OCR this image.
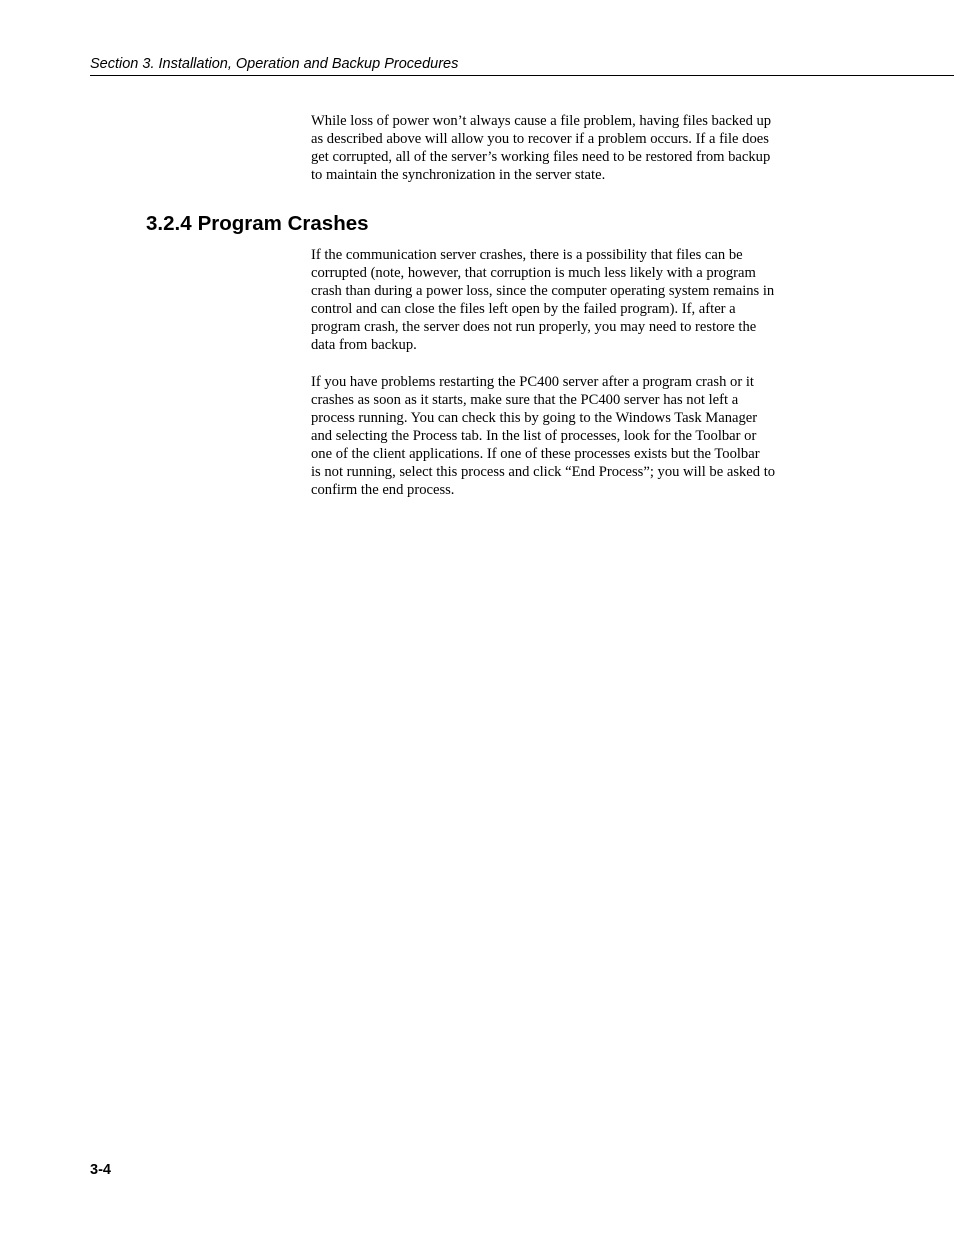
Section 3. Installation, Operation and Backup Procedures

While loss of power won’t always cause a file problem, having files backed up
as described above will allow you to recover if a problem occurs. If a file does
get corrupted, all of the server’s working files need to be restored from backup
to maintain the synchronization in the server state.

3.2.4 Program Crashes

If the communication server crashes, there is a possibility that files can be
corrupted (note, however, that corruption is much less likely with a program
crash than during a power loss, since the computer operating system remains in
control and can close the files left open by the failed program). If, after a
program crash, the server does not run properly, you may need to restore the
data from backup.

If you have problems restarting the PC400 server after a program crash or it
crashes as soon as it starts, make sure that the PC400 server has not left a
process running. You can check this by going to the Windows Task Manager
and selecting the Process tab. In the list of processes, look for the Toolbar or
one of the client applications. If one of these processes exists but the Toolbar
is not running, select this process and click “End Process”; you will be asked to
confirm the end process.

3-4
